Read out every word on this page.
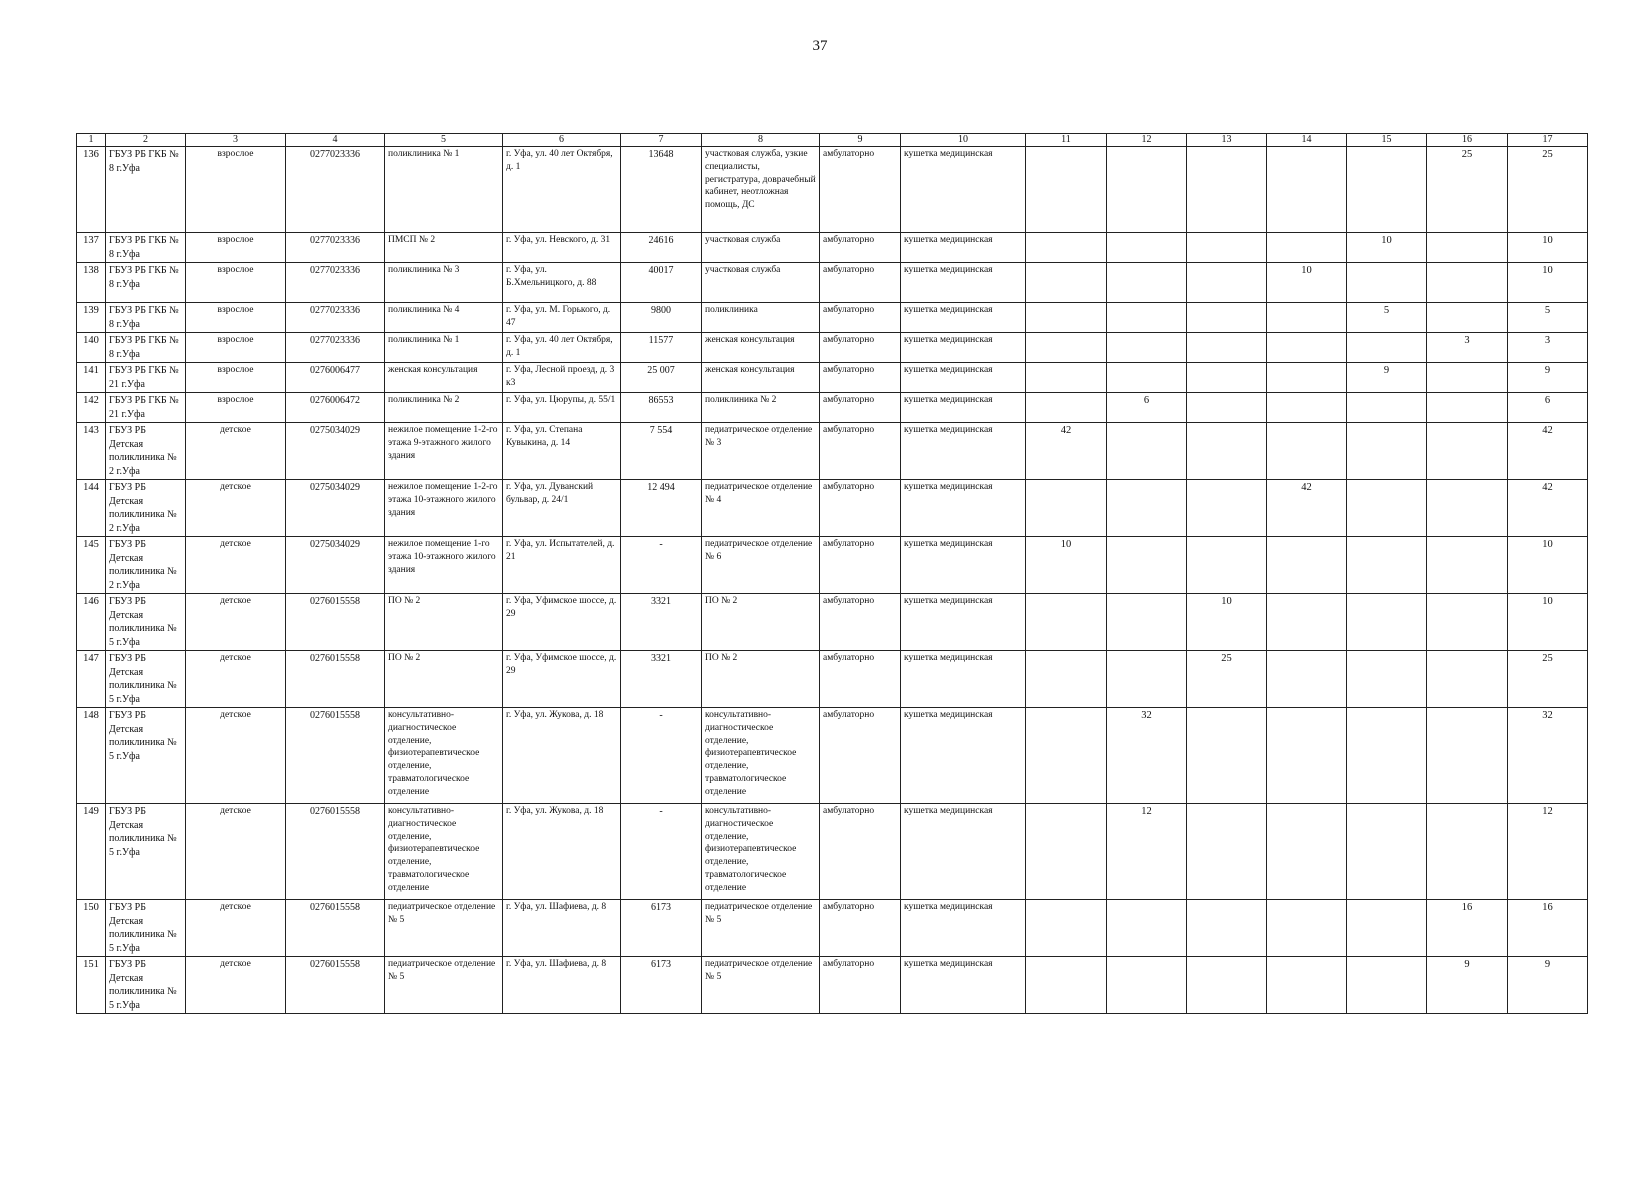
37
1	2	3	4	5	6	7	8	9	10	11	12	13	14	15	16	17
136	ГБУЗ РБ ГКБ № 8 г.Уфа	взрослое	0277023336	поликлиника № 1	г. Уфа, ул. 40 лет Октября, д. 1	13648	участковая служба, узкие специалисты, регистратура, доврачебный кабинет, неотложная помощь, ДС	амбулаторно	кушетка медицинская						25	25
137	ГБУЗ РБ ГКБ № 8 г.Уфа	взрослое	0277023336	ПМСП № 2	г. Уфа, ул. Невского, д. 31	24616	участковая служба	амбулаторно	кушетка медицинская					10		10
138	ГБУЗ РБ ГКБ № 8 г.Уфа	взрослое	0277023336	поликлиника № 3	г. Уфа, ул. Б.Хмельницкого, д. 88	40017	участковая служба	амбулаторно	кушетка медицинская				10			10
139	ГБУЗ РБ ГКБ № 8 г.Уфа	взрослое	0277023336	поликлиника № 4	г. Уфа, ул. М. Горького, д. 47	9800	поликлиника	амбулаторно	кушетка медицинская					5		5
140	ГБУЗ РБ ГКБ № 8 г.Уфа	взрослое	0277023336	поликлиника № 1	г. Уфа, ул. 40 лет Октября, д. 1	11577	женская консультация	амбулаторно	кушетка медицинская						3	3
141	ГБУЗ РБ ГКБ № 21 г.Уфа	взрослое	0276006477	женская консультация	г. Уфа, Лесной проезд, д. 3 к3	25 007	женская консультация	амбулаторно	кушетка медицинская					9		9
142	ГБУЗ РБ ГКБ № 21 г.Уфа	взрослое	0276006472	поликлиника № 2	г. Уфа, ул. Цюрупы, д. 55/1	86553	поликлиника № 2	амбулаторно	кушетка медицинская		6					6
143	ГБУЗ РБ Детская поликлиника № 2 г.Уфа	детское	0275034029	нежилое помещение 1-2-го этажа 9-этажного жилого здания	г. Уфа, ул. Степана Кувыкина, д. 14	7 554	педиатрическое отделение № 3	амбулаторно	кушетка медицинская	42						42
144	ГБУЗ РБ Детская поликлиника № 2 г.Уфа	детское	0275034029	нежилое помещение 1-2-го этажа 10-этажного жилого здания	г. Уфа, ул. Дуванский бульвар, д. 24/1	12 494	педиатрическое отделение № 4	амбулаторно	кушетка медицинская				42			42
145	ГБУЗ РБ Детская поликлиника № 2 г.Уфа	детское	0275034029	нежилое помещение 1-го этажа 10-этажного жилого здания	г. Уфа, ул. Испытателей, д. 21	-	педиатрическое отделение № 6	амбулаторно	кушетка медицинская	10						10
146	ГБУЗ РБ Детская поликлиника № 5 г.Уфа	детское	0276015558	ПО № 2	г. Уфа, Уфимское шоссе, д. 29	3321	ПО № 2	амбулаторно	кушетка медицинская			10				10
147	ГБУЗ РБ Детская поликлиника № 5 г.Уфа	детское	0276015558	ПО № 2	г. Уфа, Уфимское шоссе, д. 29	3321	ПО № 2	амбулаторно	кушетка медицинская			25				25
148	ГБУЗ РБ Детская поликлиника № 5 г.Уфа	детское	0276015558	консультативно-диагностическое отделение, физиотерапевтическое отделение, травматологическое отделение	г. Уфа, ул. Жукова, д. 18	-	консультативно-диагностическое отделение, физиотерапевтическое отделение, травматологическое отделение	амбулаторно	кушетка медицинская		32					32
149	ГБУЗ РБ Детская поликлиника № 5 г.Уфа	детское	0276015558	консультативно-диагностическое отделение, физиотерапевтическое отделение, травматологическое отделение	г. Уфа, ул. Жукова, д. 18	-	консультативно-диагностическое отделение, физиотерапевтическое отделение, травматологическое отделение	амбулаторно	кушетка медицинская		12					12
150	ГБУЗ РБ Детская поликлиника № 5 г.Уфа	детское	0276015558	педиатрическое отделение № 5	г. Уфа, ул. Шафиева, д. 8	6173	педиатрическое отделение № 5	амбулаторно	кушетка медицинская						16	16
151	ГБУЗ РБ Детская поликлиника № 5 г.Уфа	детское	0276015558	педиатрическое отделение № 5	г. Уфа, ул. Шафиева, д. 8	6173	педиатрическое отделение № 5	амбулаторно	кушетка медицинская						9	9
